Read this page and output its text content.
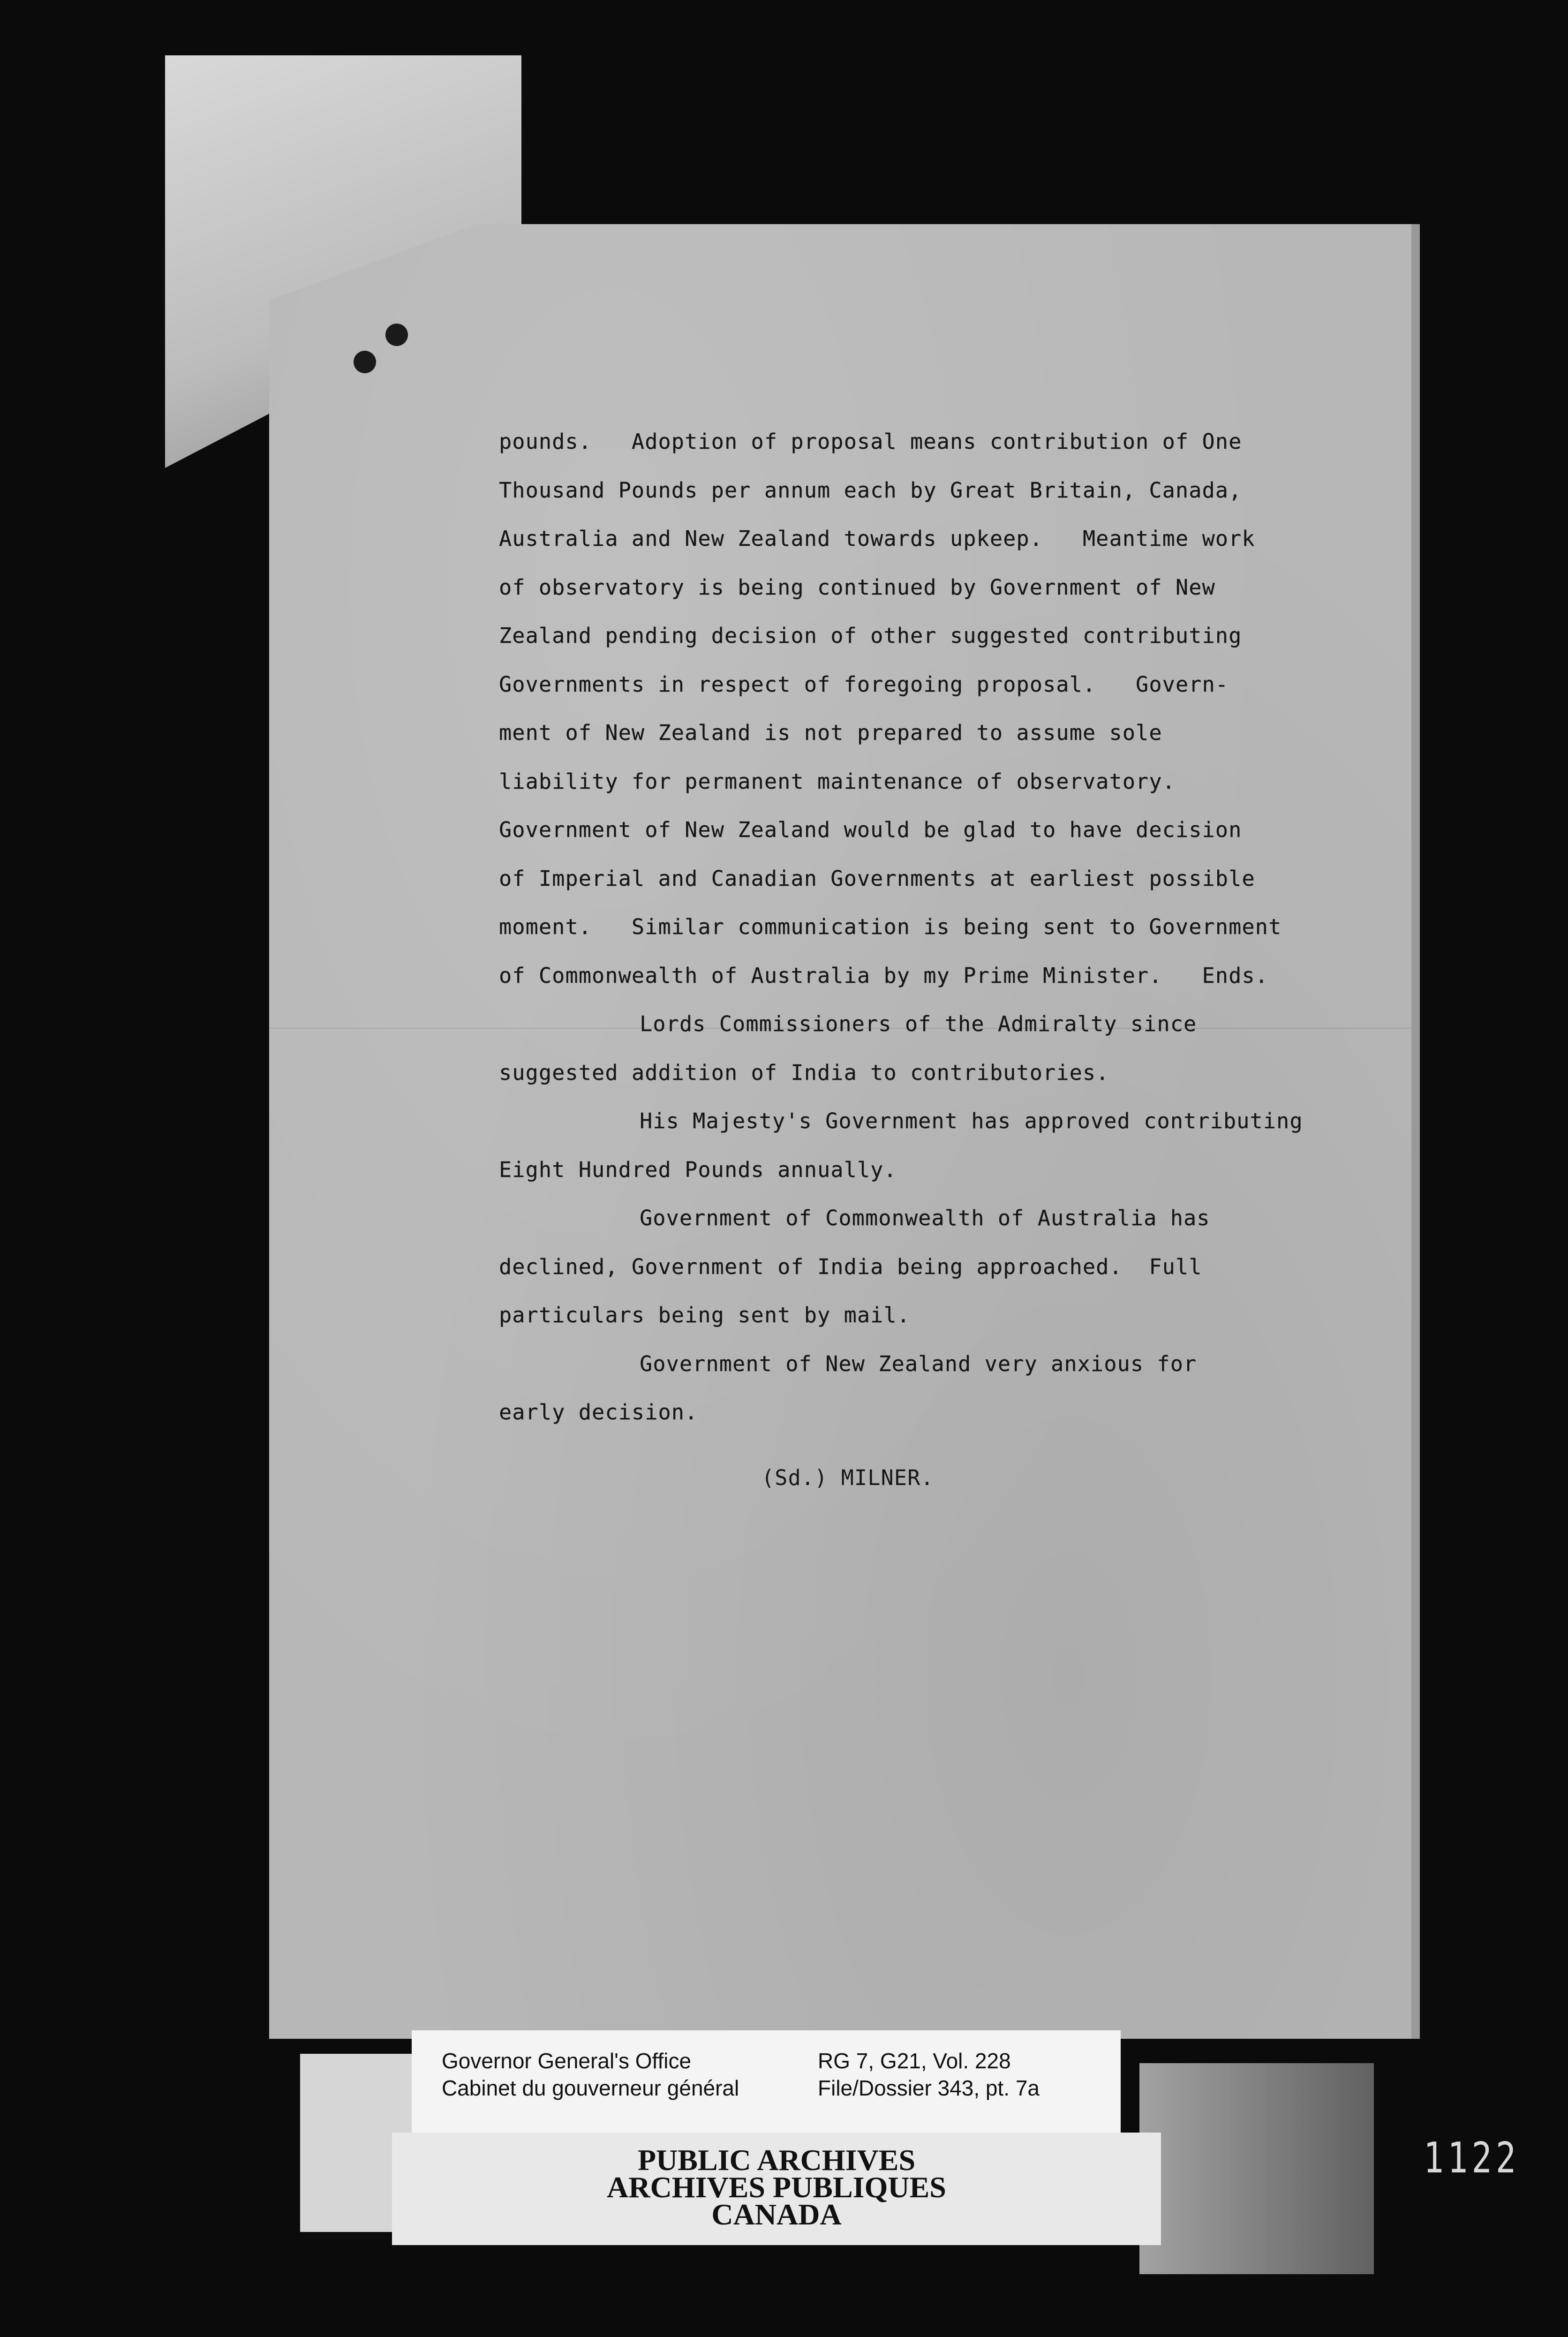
pounds.   Adoption of proposal means contribution of One
Thousand Pounds per annum each by Great Britain, Canada,
Australia and New Zealand towards upkeep.   Meantime work
of observatory is being continued by Government of New
Zealand pending decision of other suggested contributing
Governments in respect of foregoing proposal.   Govern-
ment of New Zealand is not prepared to assume sole
liability for permanent maintenance of observatory.
Government of New Zealand would be glad to have decision
of Imperial and Canadian Governments at earliest possible
moment.   Similar communication is being sent to Government
of Commonwealth of Australia by my Prime Minister.   Ends.
Lords Commissioners of the Admiralty since
suggested addition of India to contributories.
His Majesty's Government has approved contributing
Eight Hundred Pounds annually.
Government of Commonwealth of Australia has
declined, Government of India being approached.  Full
particulars being sent by mail.
Government of New Zealand very anxious for
early decision.
(Sd.) MILNER.
Governor General's Office
Cabinet du gouverneur général
RG 7, G21, Vol. 228
File/Dossier 343, pt. 7a
PUBLIC ARCHIVES
ARCHIVES PUBLIQUES
CANADA
1122
